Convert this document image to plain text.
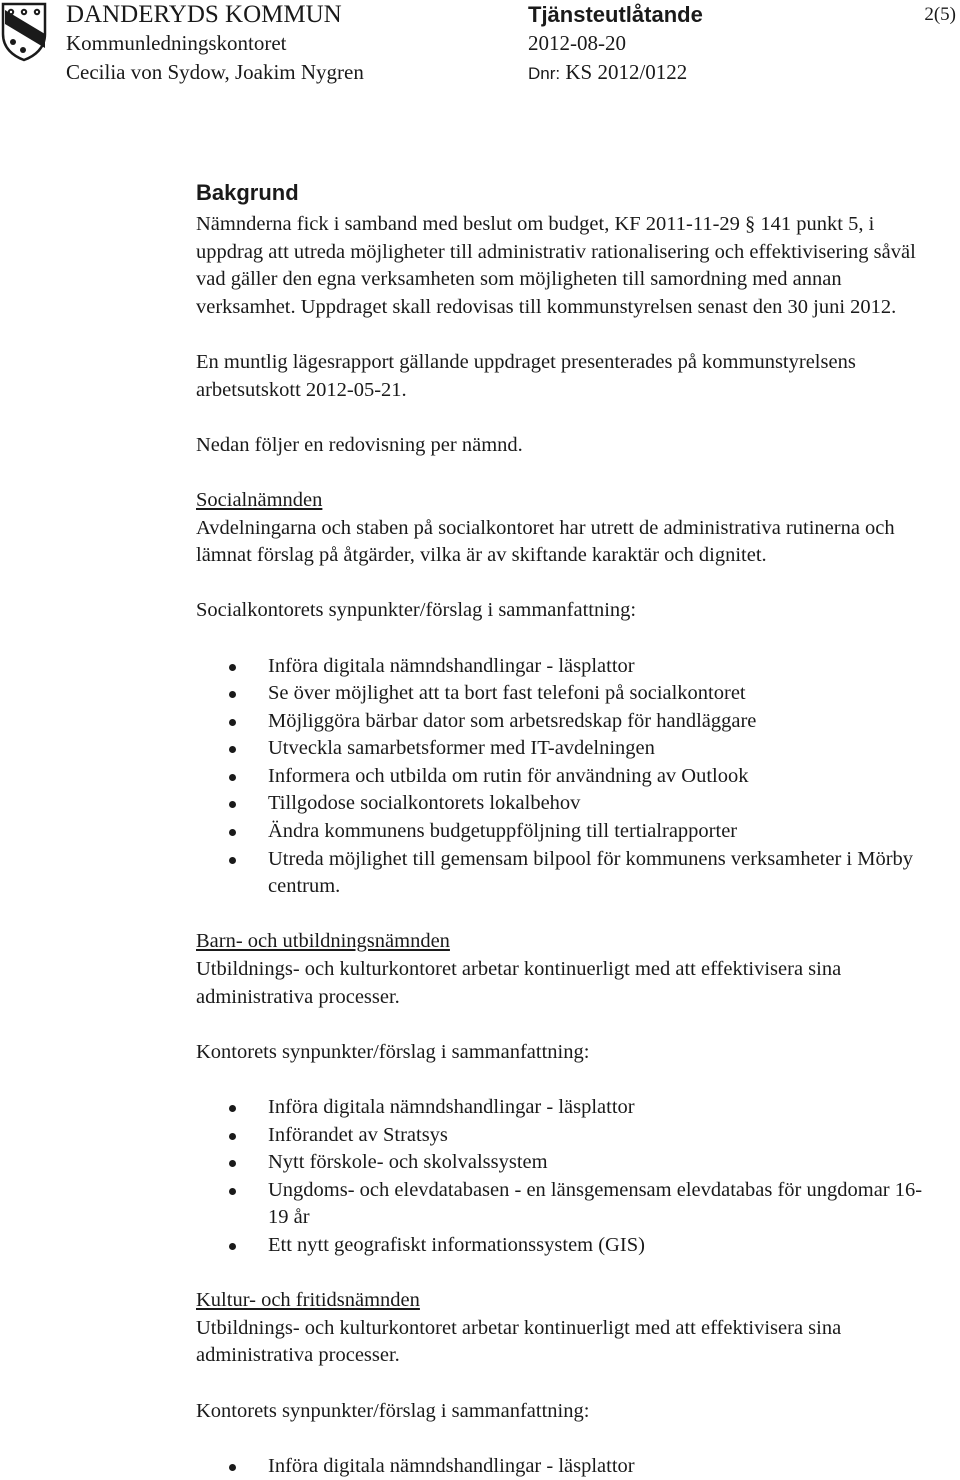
DANDERYDS KOMMUN
Kommunledningskontoret
Cecilia von Sydow, Joakim Nygren
Tjänsteutlåtande
2012-08-20
Dnr: KS 2012/0122
2(5)
Bakgrund

Nämnderna fick i samband med beslut om budget, KF 2011-11-29 § 141 punkt 5, i uppdrag att utreda möjligheter till administrativ rationalisering och effektivisering såväl vad gäller den egna verksamheten som möjligheten till samordning med annan verksamhet. Uppdraget skall redovisas till kommunstyrelsen senast den 30 juni 2012.

En muntlig lägesrapport gällande uppdraget presenterades på kommunstyrelsens arbetsutskott 2012-05-21.

Nedan följer en redovisning per nämnd.

Socialnämnden
Avdelningarna och staben på socialkontoret har utrett de administrativa rutinerna och lämnat förslag på åtgärder, vilka är av skiftande karaktär och dignitet.

Socialkontorets synpunkter/förslag i sammanfattning:

Införa digitala nämndshandlingar - läsplattor
Se över möjlighet att ta bort fast telefoni på socialkontoret
Möjliggöra bärbar dator som arbetsredskap för handläggare
Utveckla samarbetsformer med IT-avdelningen
Informera och utbilda om rutin för användning av Outlook
Tillgodose socialkontorets lokalbehov
Ändra kommunens budgetuppföljning till tertialrapporter
Utreda möjlighet till gemensam bilpool för kommunens verksamheter i Mörby centrum.

Barn- och utbildningsnämnden
Utbildnings- och kulturkontoret arbetar kontinuerligt med att effektivisera sina administrativa processer.

Kontorets synpunkter/förslag i sammanfattning:

Införa digitala nämndshandlingar - läsplattor
Införandet av Stratsys
Nytt förskole- och skolvalssystem
Ungdoms- och elevdatabasen - en länsgemensam elevdatabas för ungdomar 16-19 år
Ett nytt geografiskt informationssystem (GIS)

Kultur- och fritidsnämnden
Utbildnings- och kulturkontoret arbetar kontinuerligt med att effektivisera sina administrativa processer.

Kontorets synpunkter/förslag i sammanfattning:

Införa digitala nämndshandlingar - läsplattor
